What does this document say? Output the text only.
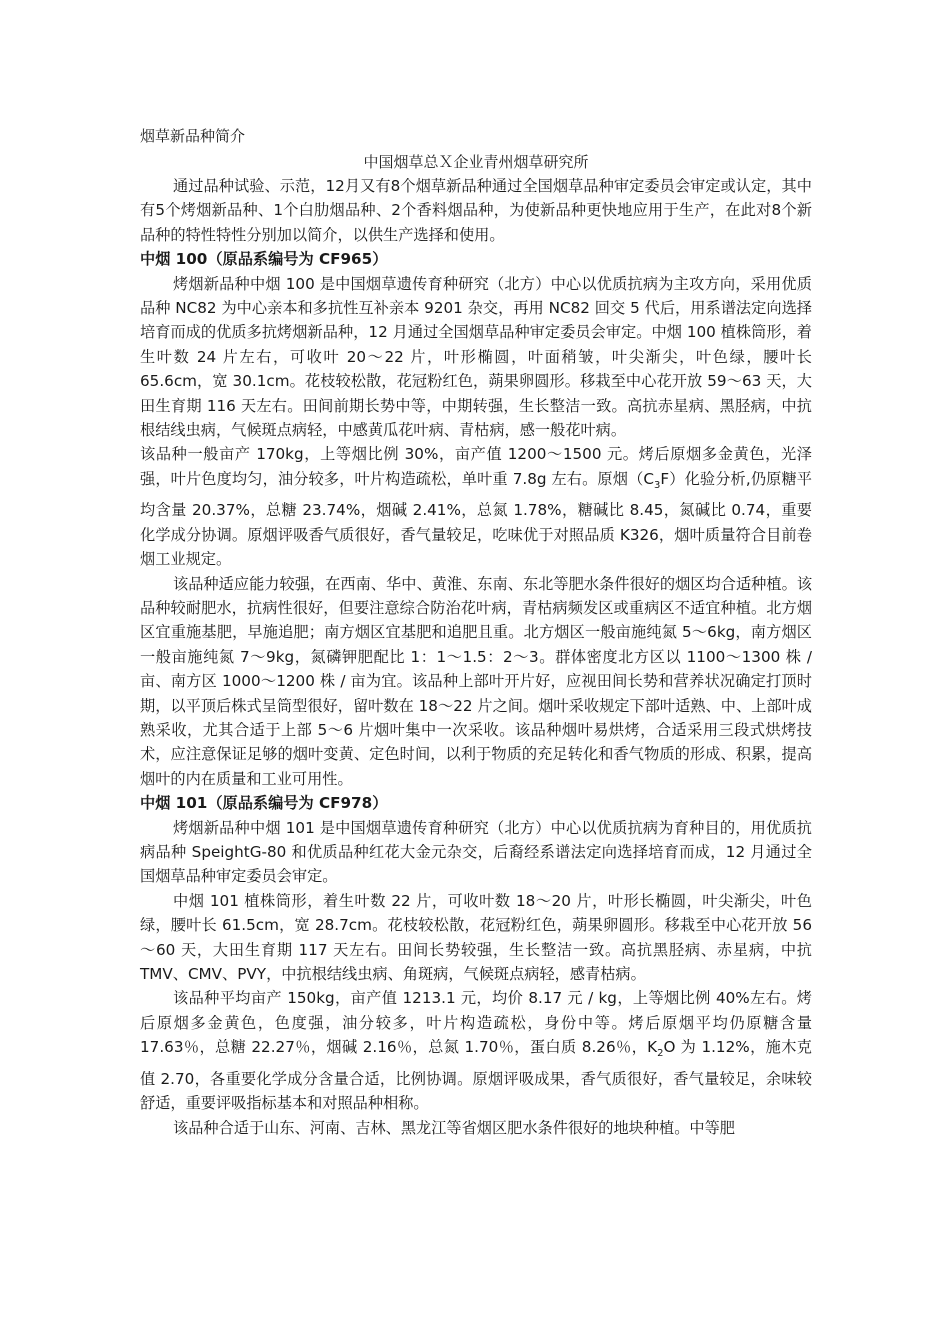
烟草新品种简介
中国烟草总Ｘ企业青州烟草研究所

通过品种试验、示范，12月又有8个烟草新品种通过全国烟草品种审定委员会审定或认定，其中有5个烤烟新品种、1个白肋烟品种、2个香料烟品种，为使新品种更快地应用于生产，在此对8个新品种的特性特性分别加以简介，以供生产选择和使用。

中烟 100（原品系编号为 CF965）

烤烟新品种中烟 100 是中国烟草遗传育种研究（北方）中心以优质抗病为主攻方向，采用优质品种 NC82 为中心亲本和多抗性互补亲本 9201 杂交，再用 NC82 回交 5 代后，用系谱法定向选择培育而成的优质多抗烤烟新品种，12 月通过全国烟草品种审定委员会审定。中烟 100 植株筒形，着生叶数 24 片左右，可收叶 20～22 片，叶形椭圆，叶面稍皱，叶尖渐尖，叶色绿，腰叶长 65.6cm，宽 30.1cm。花枝较松散，花冠粉红色，蒴果卵圆形。移栽至中心花开放 59～63 天，大田生育期 116 天左右。田间前期长势中等，中期转强，生长整洁一致。高抗赤星病、黑胫病，中抗根结线虫病，气候斑点病轻，中感黄瓜花叶病、青枯病，感一般花叶病。

该品种一般亩产 170kg，上等烟比例 30%，亩产值 1200～1500 元。烤后原烟多金黄色，光泽强，叶片色度均匀，油分较多，叶片构造疏松，单叶重 7.8g 左右。原烟$(C_3F)$化验分析,仍原糖平均含量 20.37%，总糖 23.74%，烟碱 2.41%，总氮 1.78%，糖碱比 8.45，氮碱比 0.74，重要化学成分协调。原烟评吸香气质很好，香气量较足，吃味优于对照品质 K326，烟叶质量符合目前卷烟工业规定。

该品种适应能力较强，在西南、华中、黄淮、东南、东北等肥水条件很好的烟区均合适种植。该品种较耐肥水，抗病性很好，但要注意综合防治花叶病，青枯病频发区或重病区不适宜种植。北方烟区宜重施基肥，早施追肥；南方烟区宜基肥和追肥且重。北方烟区一般亩施纯氮 5～6kg，南方烟区一般亩施纯氮 7～9kg，氮磷钾肥配比 1：1～1.5：2～3。群体密度北方区以 1100～1300 株 / 亩、南方区 1000～1200 株 / 亩为宜。该品种上部叶开片好，应视田间长势和营养状况确定打顶时期，以平顶后株式呈筒型很好，留叶数在 18～22 片之间。烟叶采收规定下部叶适熟、中、上部叶成熟采收，尤其合适于上部 5～6 片烟叶集中一次采收。该品种烟叶易烘烤，合适采用三段式烘烤技术，应注意保证足够的烟叶变黄、定色时间，以利于物质的充足转化和香气物质的形成、积累，提高烟叶的内在质量和工业可用性。

中烟 101（原品系编号为 CF978）

烤烟新品种中烟 101 是中国烟草遗传育种研究（北方）中心以优质抗病为育种目的，用优质抗病品种 SpeightG-80 和优质品种红花大金元杂交，后裔经系谱法定向选择培育而成，12 月通过全国烟草品种审定委员会审定。

中烟 101 植株筒形，着生叶数 22 片，可收叶数 18～20 片，叶形长椭圆，叶尖渐尖，叶色绿，腰叶长 61.5cm，宽 28.7cm。花枝较松散，花冠粉红色，蒴果卵圆形。移栽至中心花开放 56～60 天，大田生育期 117 天左右。田间长势较强，生长整洁一致。高抗黑胫病、赤星病，中抗 TMV、CMV、PVY，中抗根结线虫病、角斑病，气候斑点病轻，感青枯病。

该品种平均亩产 150kg，亩产值 1213.1 元，均价 8.17 元 / kg，上等烟比例 40%左右。烤后原烟多金黄色，色度强，油分较多，叶片构造疏松，身份中等。烤后原烟平均仍原糖含量 17.63％，总糖 22.27％，烟碱 2.16％，总氮 1.70％，蛋白质 8.26％，$K_2O$ 为 1.12%，施木克值 2.70，各重要化学成分含量合适，比例协调。原烟评吸成果，香气质很好，香气量较足，余味较舒适，重要评吸指标基本和对照品种相称。

该品种合适于山东、河南、吉林、黑龙江等省烟区肥水条件很好的地块种植。中等肥
